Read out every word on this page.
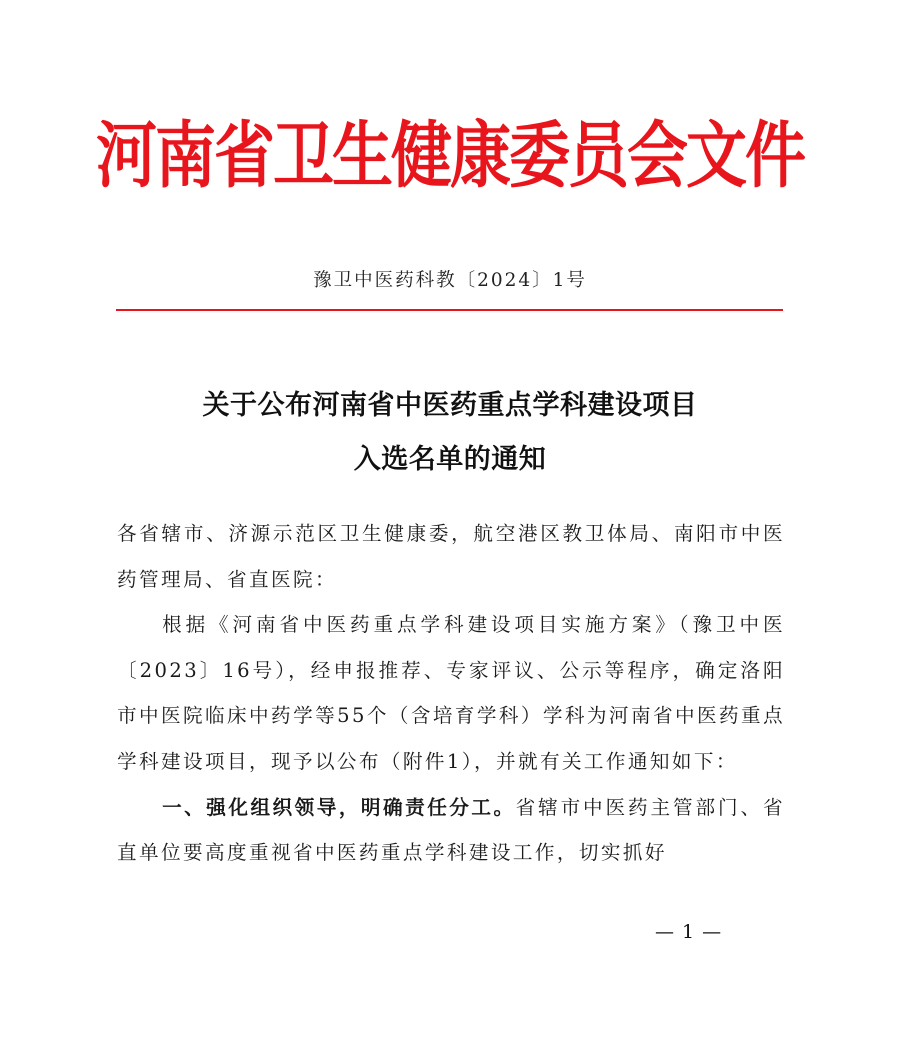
河南省卫生健康委员会文件
豫卫中医药科教〔2024〕1号
关于公布河南省中医药重点学科建设项目
入选名单的通知

各省辖市、济源示范区卫生健康委，航空港区教卫体局、南阳市中医药管理局、省直医院：

根据《河南省中医药重点学科建设项目实施方案》（豫卫中医〔2023〕16号），经申报推荐、专家评议、公示等程序，确定洛阳市中医院临床中药学等55个（含培育学科）学科为河南省中医药重点学科建设项目，现予以公布（附件1），并就有关工作通知如下：

一、强化组织领导，明确责任分工。省辖市中医药主管部门、省直单位要高度重视省中医药重点学科建设工作，切实抓好

— 1 —
